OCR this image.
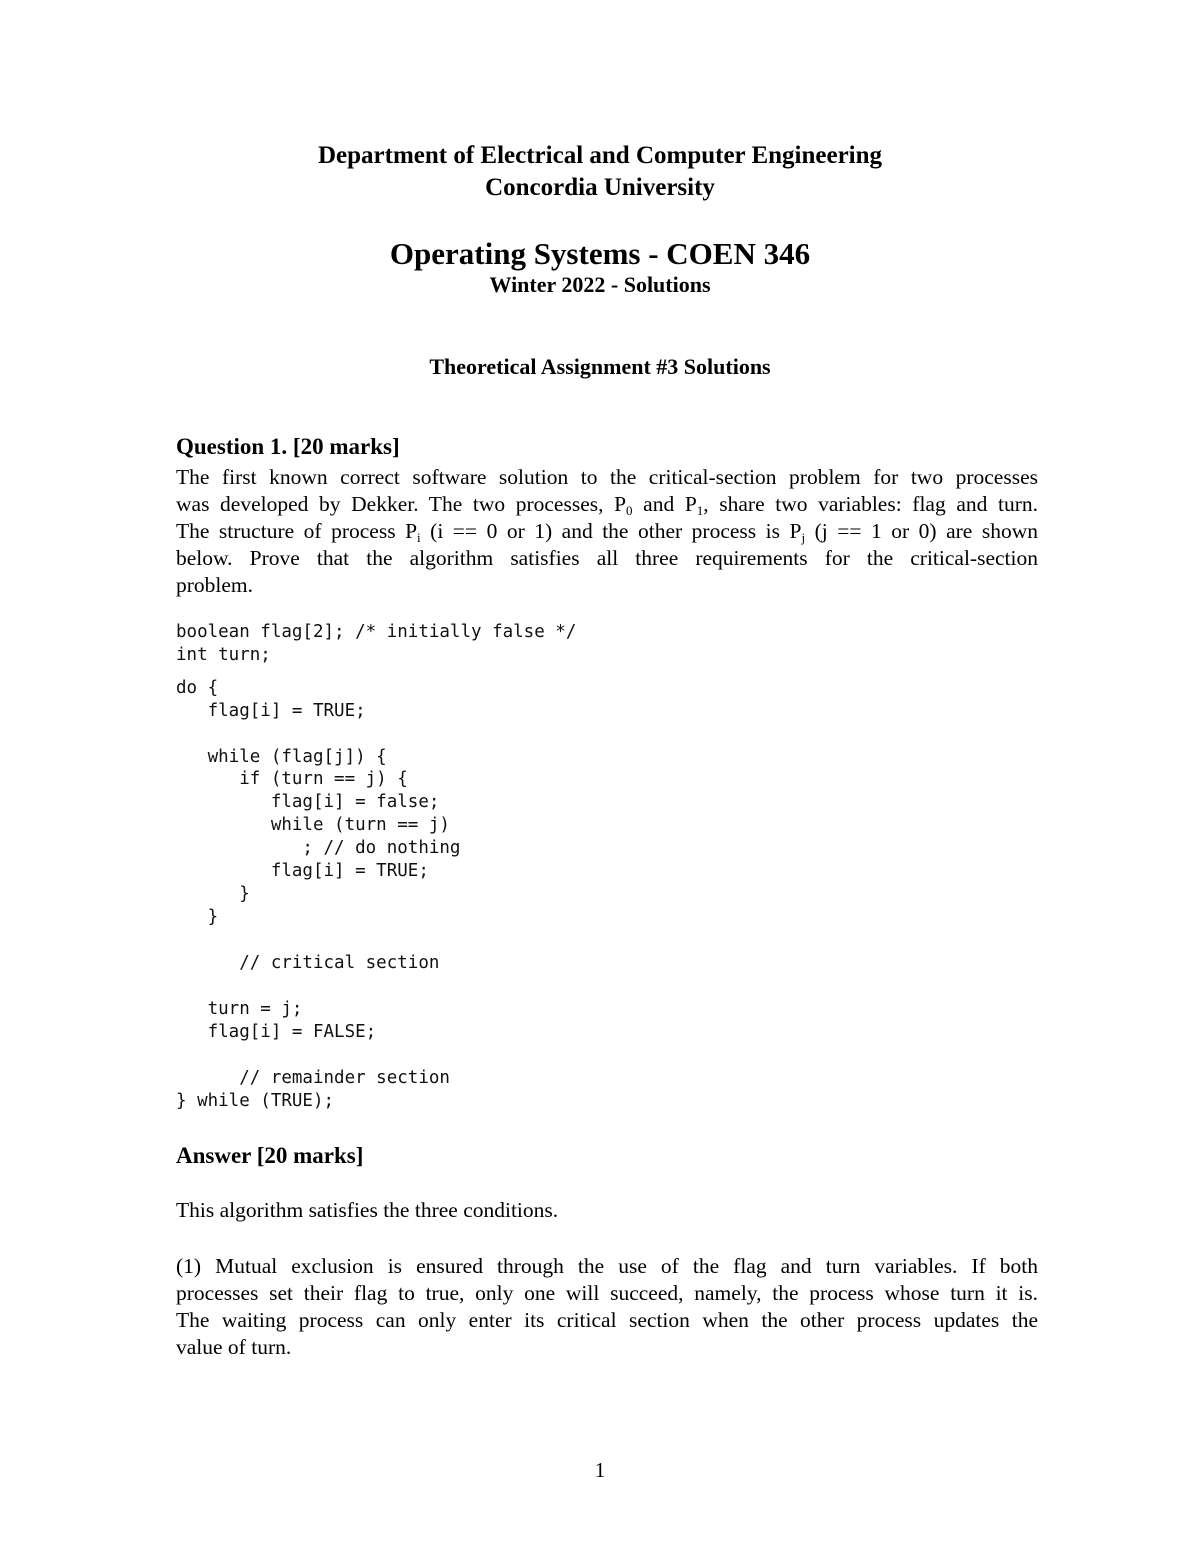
Department of Electrical and Computer Engineering
Concordia University
Operating Systems - COEN 346
Winter 2022 - Solutions
Theoretical Assignment #3 Solutions
Question 1. [20 marks]
The first known correct software solution to the critical-section problem for two processes
was developed by Dekker. The two processes, $P_0$ and $P_1$, share two variables: flag and turn.
The structure of process $P_i$ (i == 0 or 1) and the other process is $P_j$ (j == 1 or 0) are shown
below. Prove that the algorithm satisfies all three requirements for the critical-section
problem.
boolean flag[2]; /* initially false */
int turn;
do {
flag[i] = TRUE;
while (flag[j]) {
if (turn == j) {
flag[i] = false;
while (turn == j)
; // do nothing
flag[i] = TRUE;
}
}
// critical section
turn = j;
flag[i] = FALSE;
// remainder section
} while (TRUE);
Answer [20 marks]
This algorithm satisfies the three conditions.
(1) Mutual exclusion is ensured through the use of the flag and turn variables. If both
processes set their flag to true, only one will succeed, namely, the process whose turn it is.
The waiting process can only enter its critical section when the other process updates the
value of turn.
1
